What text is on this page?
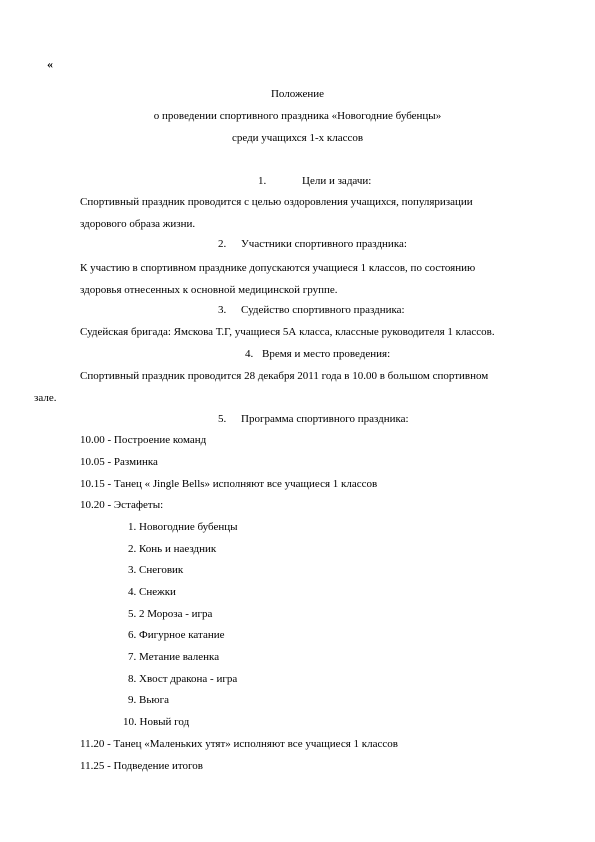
«
Положение
о проведении спортивного праздника «Новогодние бубенцы»
среди учащихся 1-х классов
1.	Цели и задачи:
Спортивный праздник проводится с целью оздоровления учащихся, популяризации
здорового образа жизни.
2. Участники спортивного праздника:
К участию в спортивном празднике допускаются учащиеся 1 классов, по состоянию
здоровья отнесенных к основной медицинской группе.
3. Судейство спортивного праздника:
Судейская бригада: Ямскова Т.Г, учащиеся 5А класса, классные руководителя 1 классов.
4. Время и место проведения:
Спортивный праздник проводится 28 декабря 2011 года в 10.00 в большом спортивном
зале.
5. Программа спортивного праздника:
10.00 - Построение команд
10.05 - Разминка
10.15 - Танец « Jingle Bells» исполняют все учащиеся 1 классов
10.20 - Эстафеты:
1. Новогодние бубенцы
2. Конь и наездник
3. Снеговик
4. Снежки
5. 2 Мороза - игра
6. Фигурное катание
7. Метание валенка
8. Хвост дракона - игра
9. Вьюга
10. Новый год
11.20 - Танец «Маленьких утят» исполняют все учащиеся 1 классов
11.25 - Подведение итогов
